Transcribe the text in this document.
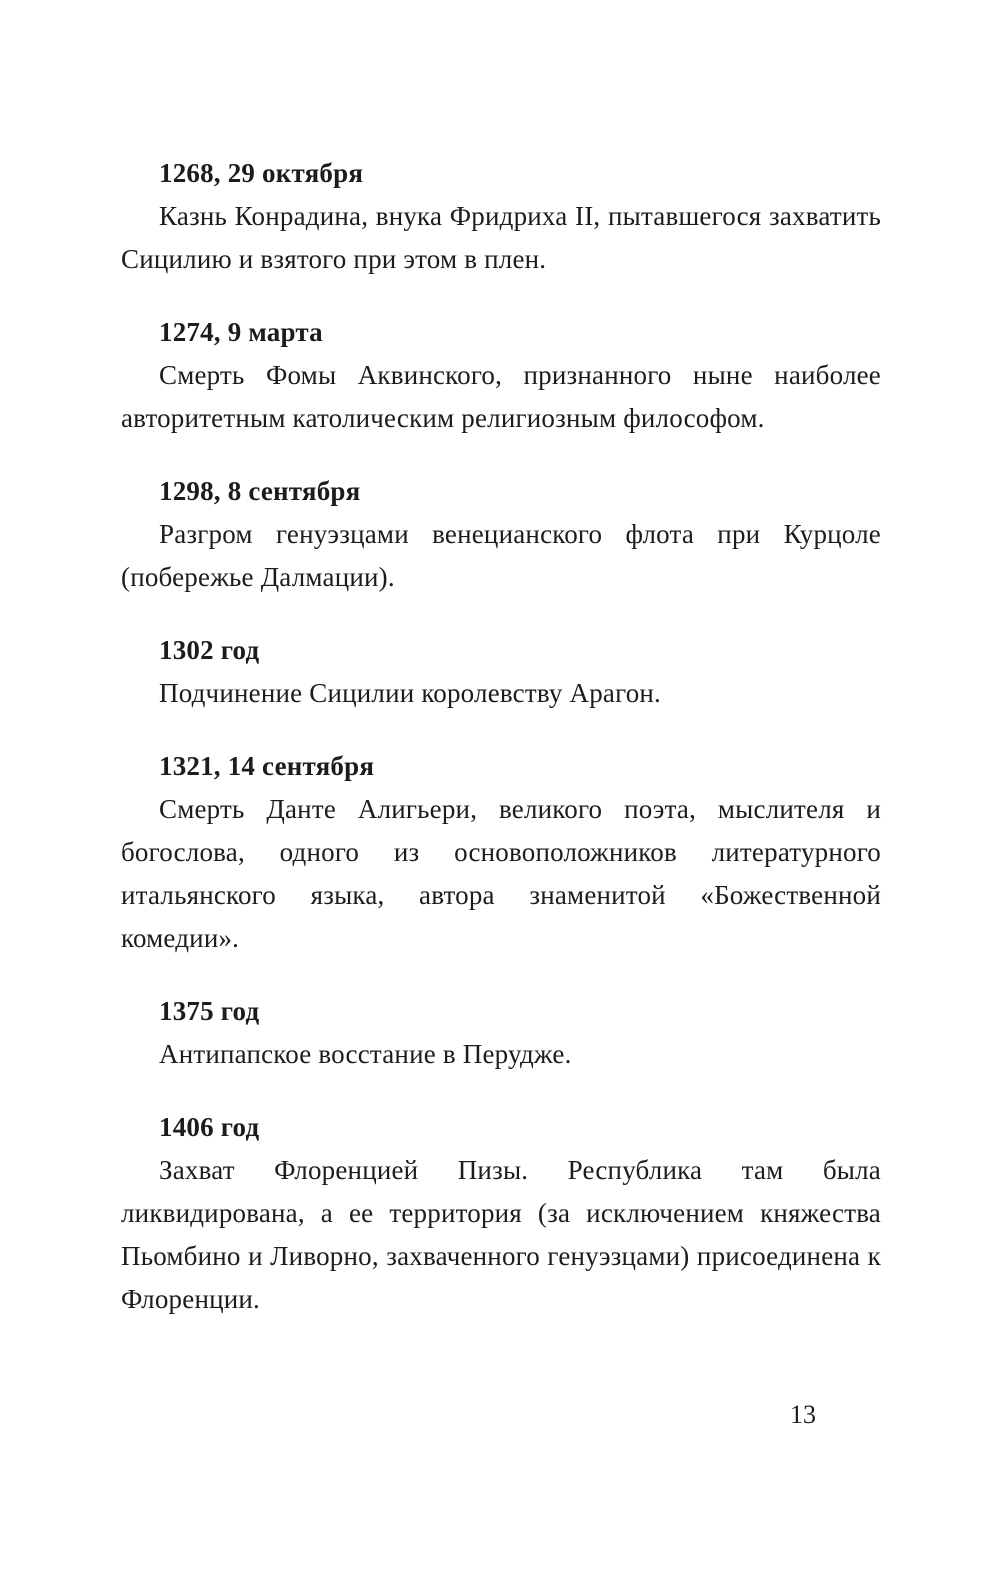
1268, 29 октября
Казнь Конрадина, внука Фридриха II, пытавшегося захватить Сицилию и взятого при этом в плен.
1274, 9 марта
Смерть Фомы Аквинского, признанного ныне наиболее авторитетным католическим религиозным философом.
1298, 8 сентября
Разгром генуэзцами венецианского флота при Курцоле (побережье Далмации).
1302 год
Подчинение Сицилии королевству Арагон.
1321, 14 сентября
Смерть Данте Алигьери, великого поэта, мыслителя и богослова, одного из основоположников литературного итальянского языка, автора знаменитой «Божественной комедии».
1375 год
Антипапское восстание в Перудже.
1406 год
Захват Флоренцией Пизы. Республика там была ликвидирована, а ее территория (за исключением княжества Пьомбино и Ливорно, захваченного генуэзцами) присоединена к Флоренции.
13
